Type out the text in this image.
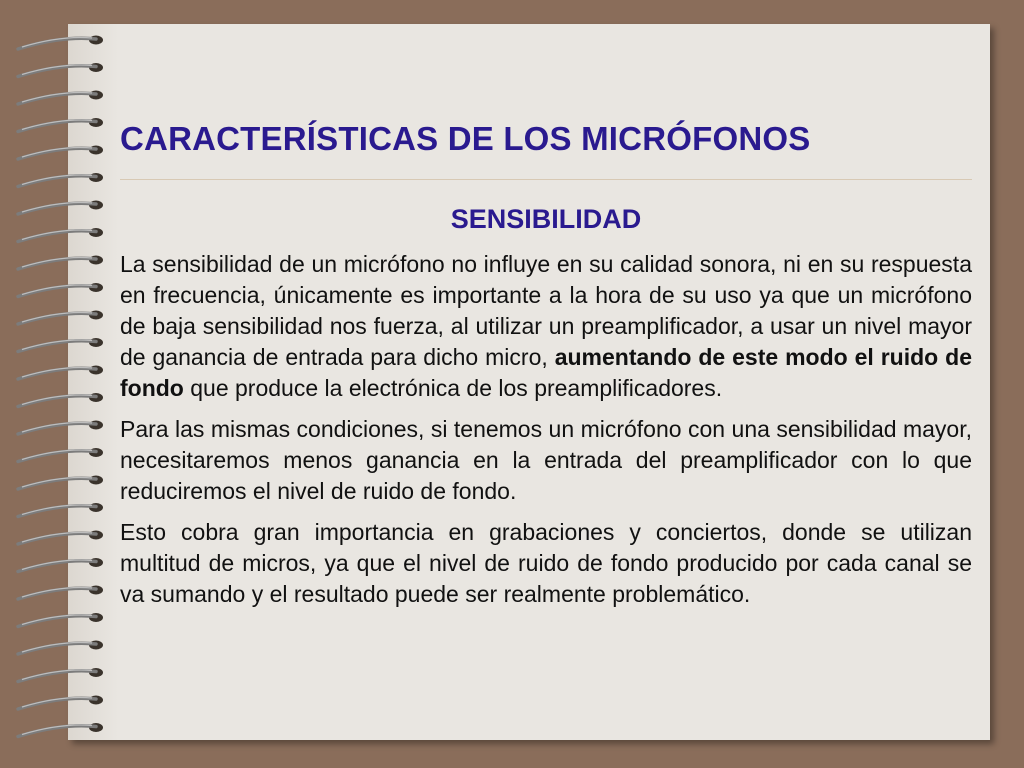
CARACTERÍSTICAS DE LOS MICRÓFONOS
SENSIBILIDAD

La sensibilidad de un micrófono no influye en su calidad sonora, ni en su respuesta en frecuencia, únicamente es importante a la hora de su uso ya que un micrófono de baja sensibilidad nos fuerza, al utilizar un preamplificador, a usar un nivel mayor de ganancia de entrada para dicho micro, aumentando de este modo el ruido de fondo que produce la electrónica de los preamplificadores.

Para las mismas condiciones, si tenemos un micrófono con una sensibilidad mayor, necesitaremos menos ganancia en la entrada del preamplificador con lo que reduciremos el nivel de ruido de fondo.

Esto cobra gran importancia en grabaciones y conciertos, donde se utilizan multitud de micros, ya que el nivel de ruido de fondo producido por cada canal se va sumando y el resultado puede ser realmente problemático.
